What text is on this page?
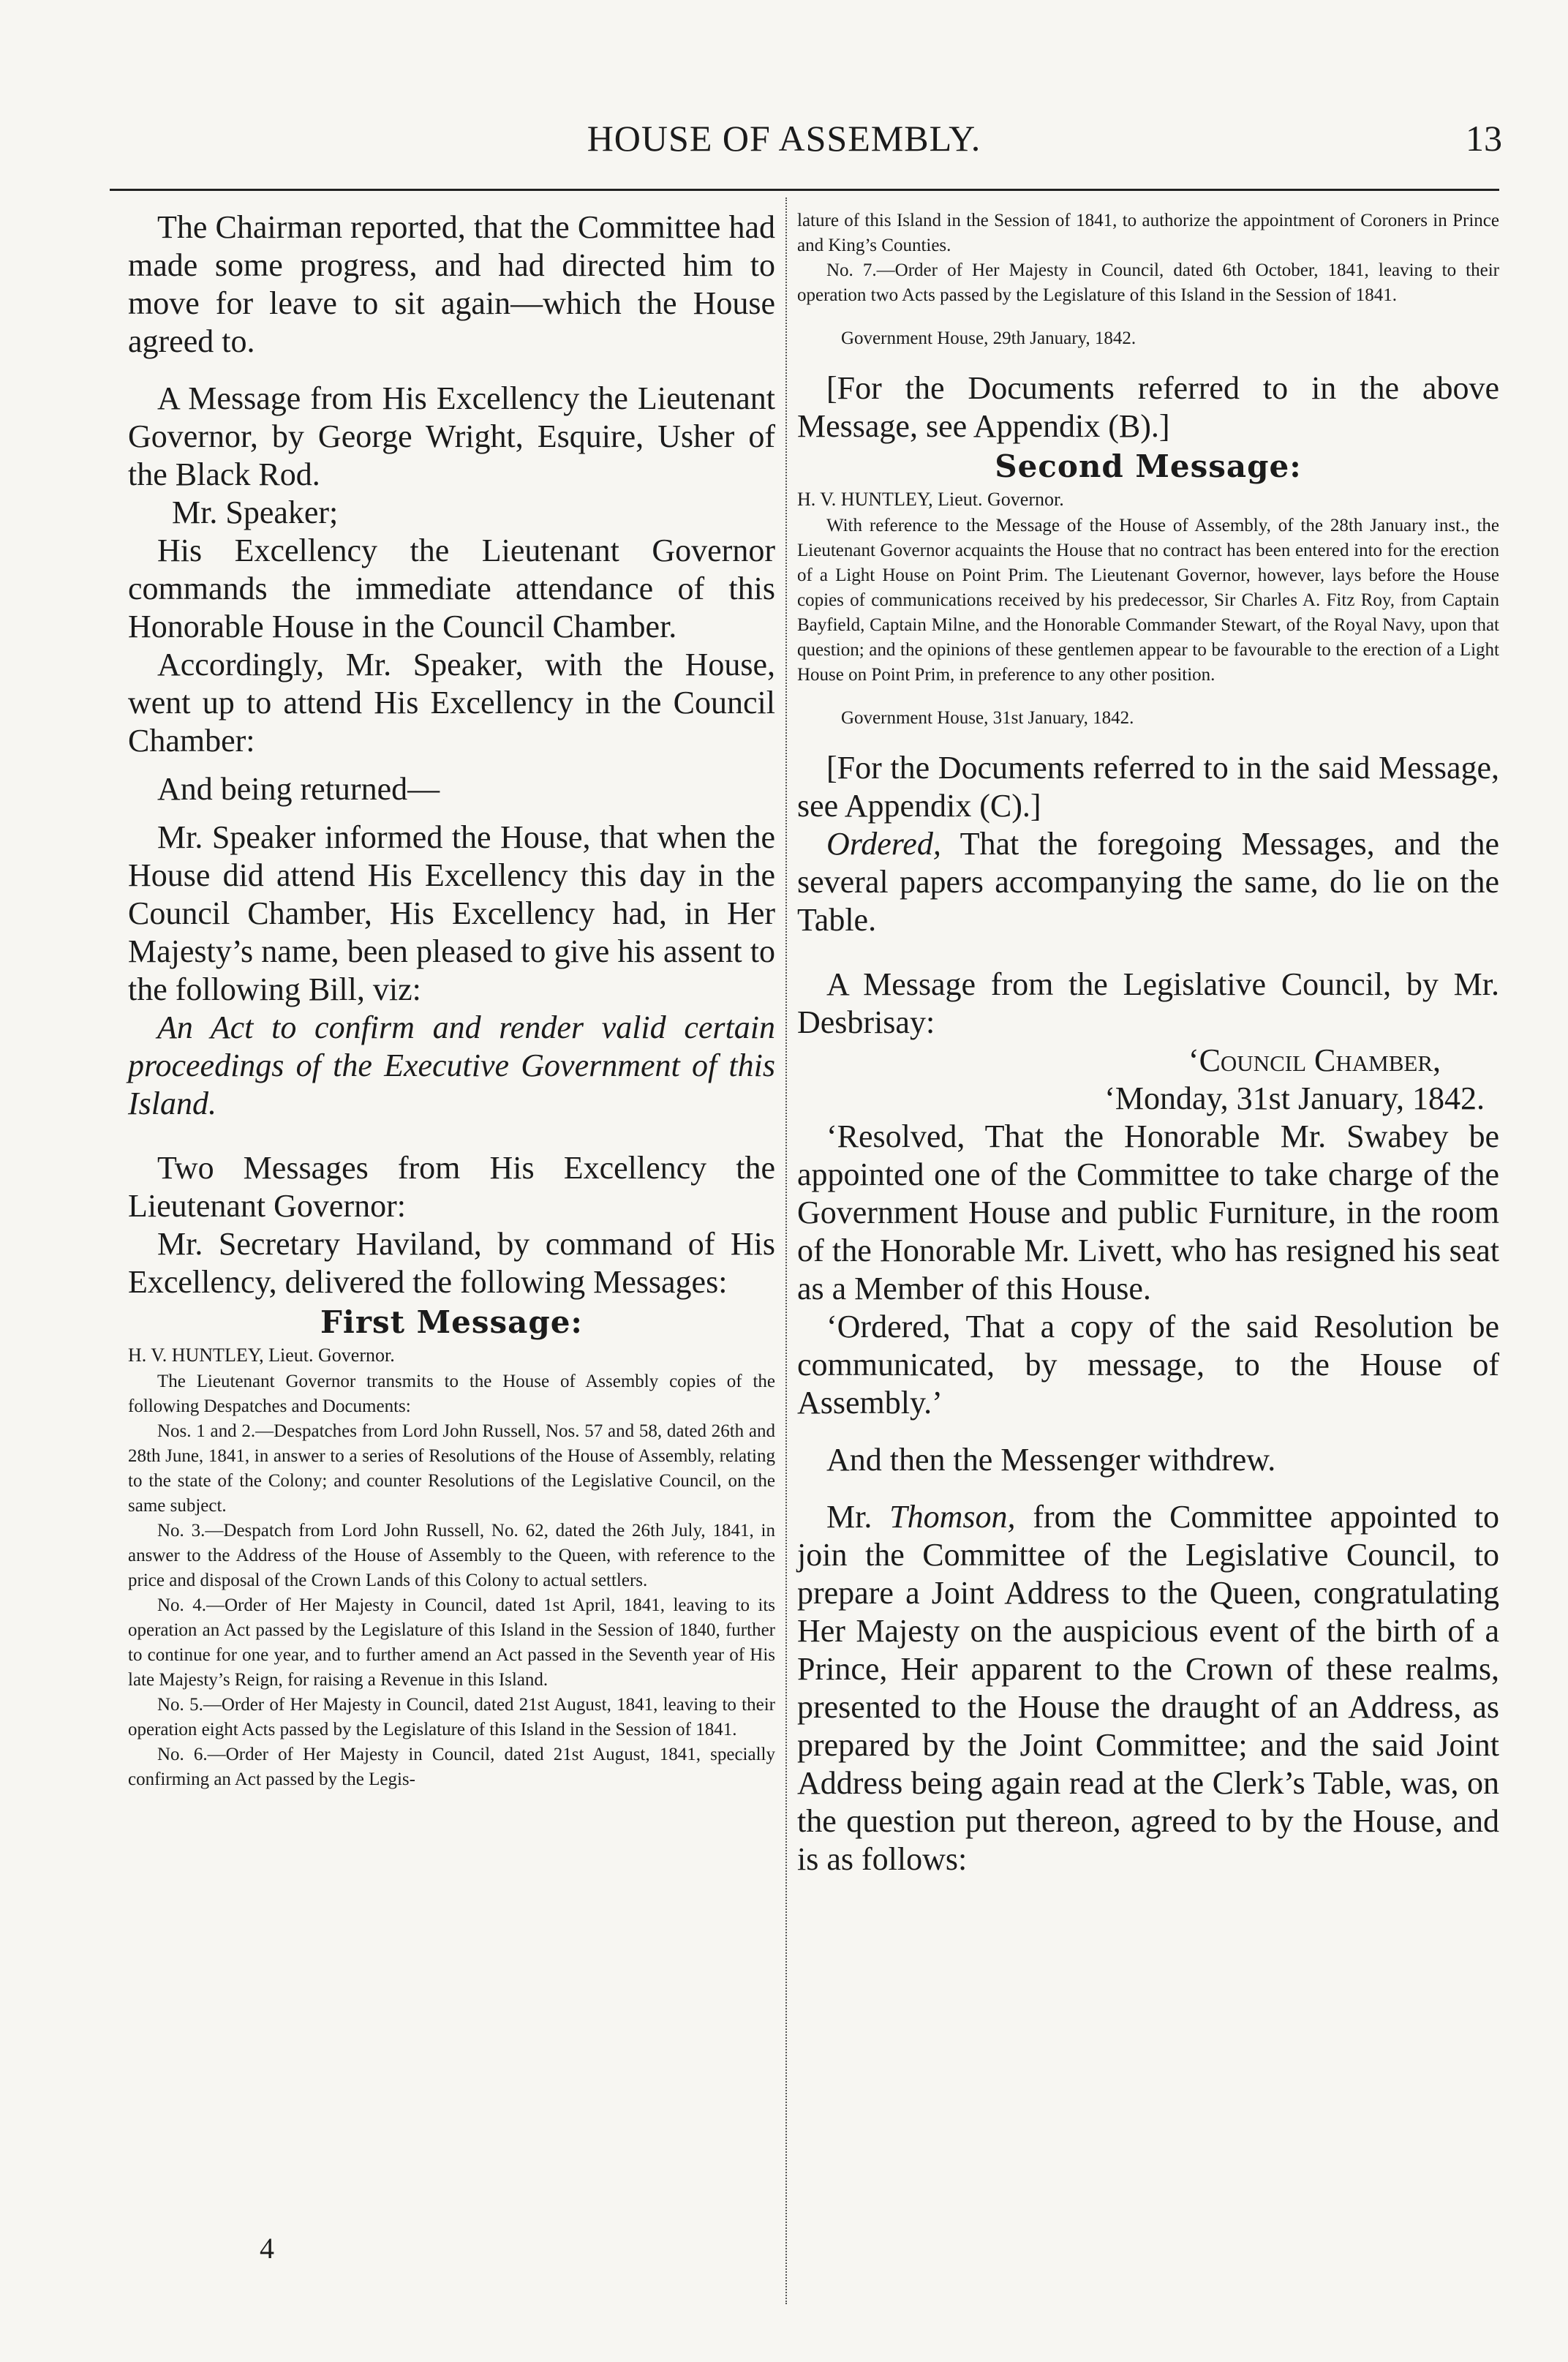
HOUSE OF ASSEMBLY.	13

The Chairman reported, that the Committee had made some progress, and had directed him to move for leave to sit again—which the House agreed to.

A Message from His Excellency the Lieutenant Governor, by George Wright, Esquire, Usher of the Black Rod.

Mr. Speaker;

His Excellency the Lieutenant Governor commands the immediate attendance of this Honorable House in the Council Chamber.

Accordingly, Mr. Speaker, with the House, went up to attend His Excellency in the Council Chamber:

And being returned—

Mr. Speaker informed the House, that when the House did attend His Excellency this day in the Council Chamber, His Excellency had, in Her Majesty’s name, been pleased to give his assent to the following Bill, viz:

An Act to confirm and render valid certain proceedings of the Executive Government of this Island.

Two Messages from His Excellency the Lieutenant Governor:

Mr. Secretary Haviland, by command of His Excellency, delivered the following Messages:

First Message:

H. V. HUNTLEY, Lieut. Governor.

The Lieutenant Governor transmits to the House of Assembly copies of the following Despatches and Documents:

Nos. 1 and 2.—Despatches from Lord John Russell, Nos. 57 and 58, dated 26th and 28th June, 1841, in answer to a series of Resolutions of the House of Assembly, relating to the state of the Colony; and counter Resolutions of the Legislative Council, on the same subject.

No. 3.—Despatch from Lord John Russell, No. 62, dated the 26th July, 1841, in answer to the Address of the House of Assembly to the Queen, with reference to the price and disposal of the Crown Lands of this Colony to actual settlers.

No. 4.—Order of Her Majesty in Council, dated 1st April, 1841, leaving to its operation an Act passed by the Legislature of this Island in the Session of 1840, further to continue for one year, and to further amend an Act passed in the Seventh year of His late Majesty’s Reign, for raising a Revenue in this Island.

No. 5.—Order of Her Majesty in Council, dated 21st August, 1841, leaving to their operation eight Acts passed by the Legislature of this Island in the Session of 1841.

No. 6.—Order of Her Majesty in Council, dated 21st August, 1841, specially confirming an Act passed by the Legis-

4

lature of this Island in the Session of 1841, to authorize the appointment of Coroners in Prince and King’s Counties.

No. 7.—Order of Her Majesty in Council, dated 6th October, 1841, leaving to their operation two Acts passed by the Legislature of this Island in the Session of 1841.

Government House, 29th January, 1842.

[For the Documents referred to in the above Message, see Appendix (B).]

Second Message:

H. V. HUNTLEY, Lieut. Governor.

With reference to the Message of the House of Assembly, of the 28th January inst., the Lieutenant Governor acquaints the House that no contract has been entered into for the erection of a Light House on Point Prim. The Lieutenant Governor, however, lays before the House copies of communications received by his predecessor, Sir Charles A. Fitz Roy, from Captain Bayfield, Captain Milne, and the Honorable Commander Stewart, of the Royal Navy, upon that question; and the opinions of these gentlemen appear to be favourable to the erection of a Light House on Point Prim, in preference to any other position.

Government House, 31st January, 1842.

[For the Documents referred to in the said Message, see Appendix (C).]

Ordered, That the foregoing Messages, and the several papers accompanying the same, do lie on the Table.

A Message from the Legislative Council, by Mr. Desbrisay:

‘Council Chamber,

‘Monday, 31st January, 1842.

‘Resolved, That the Honorable Mr. Swabey be appointed one of the Committee to take charge of the Government House and public Furniture, in the room of the Honorable Mr. Livett, who has resigned his seat as a Member of this House.

‘Ordered, That a copy of the said Resolution be communicated, by message, to the House of Assembly.’

And then the Messenger withdrew.

Mr. Thomson, from the Committee appointed to join the Committee of the Legislative Council, to prepare a Joint Address to the Queen, congratulating Her Majesty on the auspicious event of the birth of a Prince, Heir apparent to the Crown of these realms, presented to the House the draught of an Address, as prepared by the Joint Committee; and the said Joint Address being again read at the Clerk’s Table, was, on the question put thereon, agreed to by the House, and is as follows:
